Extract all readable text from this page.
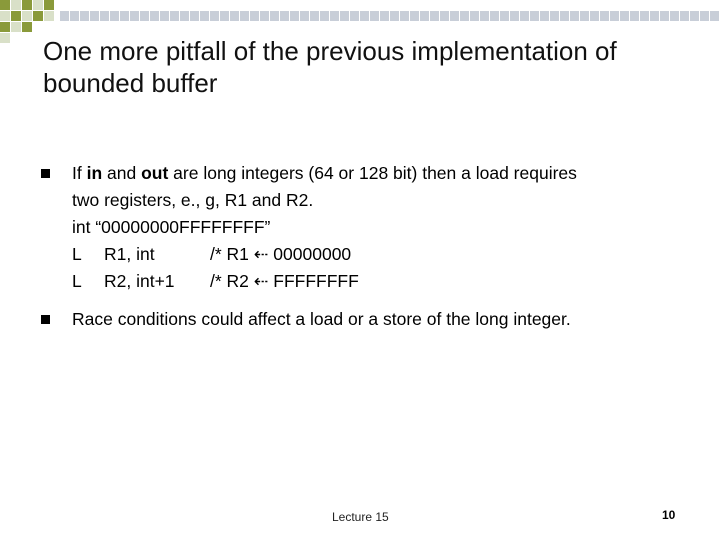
One more pitfall of the previous implementation of bounded buffer
If in and out are long integers (64 or 128 bit) then a load requires
two registers, e., g, R1 and R2.
int “00000000FFFFFFFF”
L R1, int	/* R1 ⇠ 00000000
L R2, int+1 /* R2 ⇠ FFFFFFFF
Race conditions could affect a load or a store of the long integer.
Lecture 15	10
